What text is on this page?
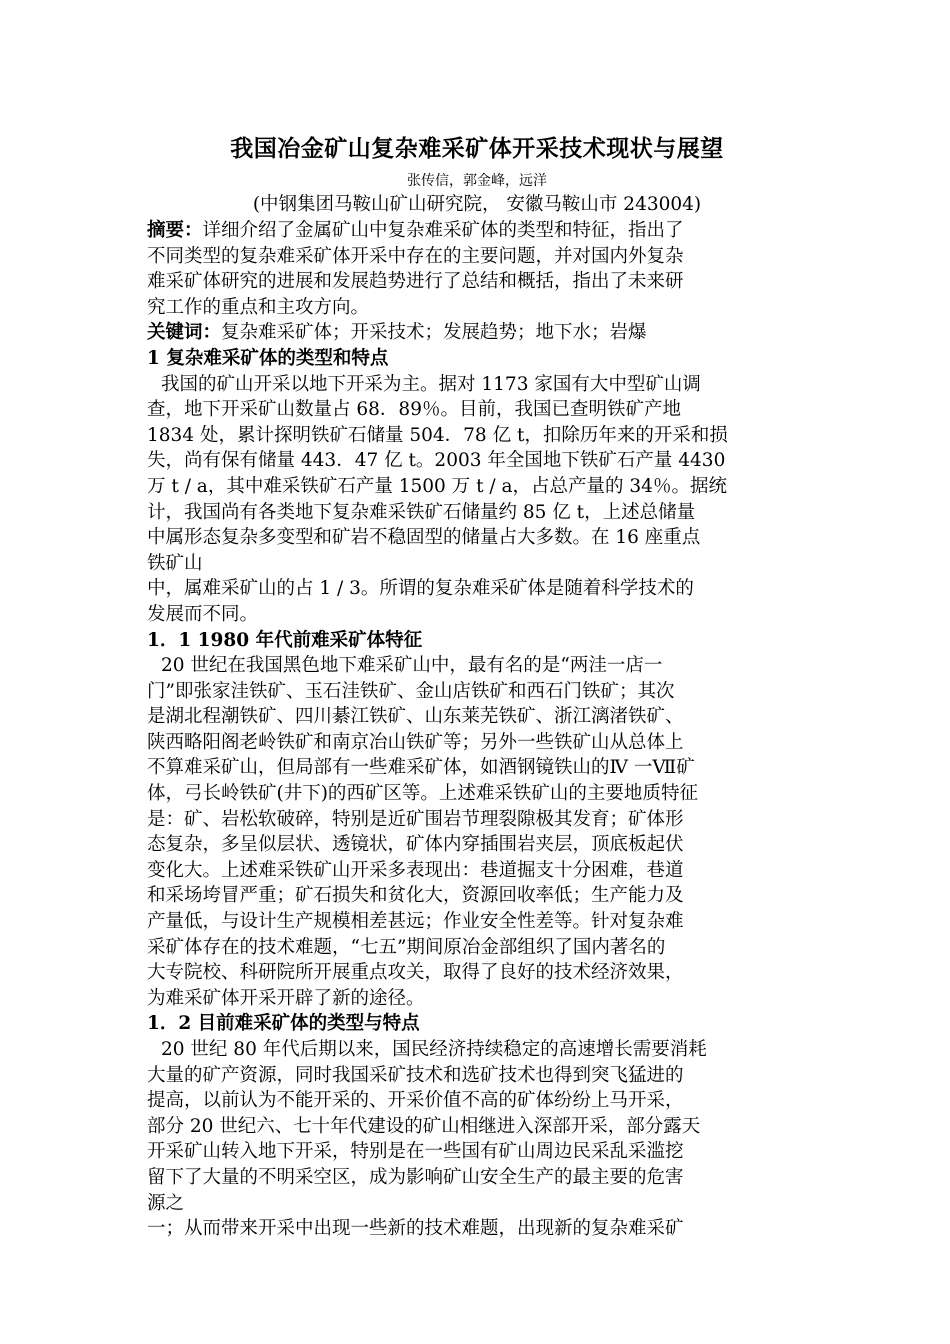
我国冶金矿山复杂难采矿体开采技术现状与展望
张传信，郭金峰，远洋
(中钢集团马鞍山矿山研究院， 安徽马鞍山市 243004)
摘要：详细介绍了金属矿山中复杂难采矿体的类型和特征，指出了
不同类型的复杂难采矿体开采中存在的主要问题，并对国内外复杂
难采矿体研究的进展和发展趋势进行了总结和概括，指出了未来研
究工作的重点和主攻方向。
关键词：复杂难采矿体；开采技术；发展趋势；地下水；岩爆
1 复杂难采矿体的类型和特点
我国的矿山开采以地下开采为主。据对 1173 家国有大中型矿山调
查，地下开采矿山数量占 68．89％。目前，我国已查明铁矿产地
1834 处，累计探明铁矿石储量 504．78 亿 t，扣除历年来的开采和损
失，尚有保有储量 443．47 亿 t。2003 年全国地下铁矿石产量 4430
万 t / a，其中难采铁矿石产量 1500 万 t / a，占总产量的 34％。据统
计，我国尚有各类地下复杂难采铁矿石储量约 85 亿 t，上述总储量
中属形态复杂多变型和矿岩不稳固型的储量占大多数。在 16 座重点
铁矿山
中，属难采矿山的占 1 / 3。所谓的复杂难采矿体是随着科学技术的
发展而不同。
1．1 1980 年代前难采矿体特征
20 世纪在我国黑色地下难采矿山中，最有名的是“两洼一店一
门”即张家洼铁矿、玉石洼铁矿、金山店铁矿和西石门铁矿；其次
是湖北程潮铁矿、四川綦江铁矿、山东莱芜铁矿、浙江漓渚铁矿、
陕西略阳阁老岭铁矿和南京冶山铁矿等；另外一些铁矿山从总体上
不算难采矿山，但局部有一些难采矿体，如酒钢镜铁山的Ⅳ 一Ⅶ矿
体，弓长岭铁矿(井下)的西矿区等。上述难采铁矿山的主要地质特征
是：矿、岩松软破碎，特别是近矿围岩节理裂隙极其发育；矿体形
态复杂，多呈似层状、透镜状，矿体内穿插围岩夹层，顶底板起伏
变化大。上述难采铁矿山开采多表现出：巷道掘支十分困难，巷道
和采场垮冒严重；矿石损失和贫化大，资源回收率低；生产能力及
产量低，与设计生产规模相差甚远；作业安全性差等。针对复杂难
采矿体存在的技术难题，“七五”期间原冶金部组织了国内著名的
大专院校、科研院所开展重点攻关，取得了良好的技术经济效果，
为难采矿体开采开辟了新的途径。
1．2 目前难采矿体的类型与特点
20 世纪 80 年代后期以来，国民经济持续稳定的高速增长需要消耗
大量的矿产资源，同时我国采矿技术和选矿技术也得到突飞猛进的
提高，以前认为不能开采的、开采价值不高的矿体纷纷上马开采，
部分 20 世纪六、七十年代建设的矿山相继进入深部开采，部分露天
开采矿山转入地下开采，特别是在一些国有矿山周边民采乱采滥挖
留下了大量的不明采空区，成为影响矿山安全生产的最主要的危害
源之
一；从而带来开采中出现一些新的技术难题，出现新的复杂难采矿
